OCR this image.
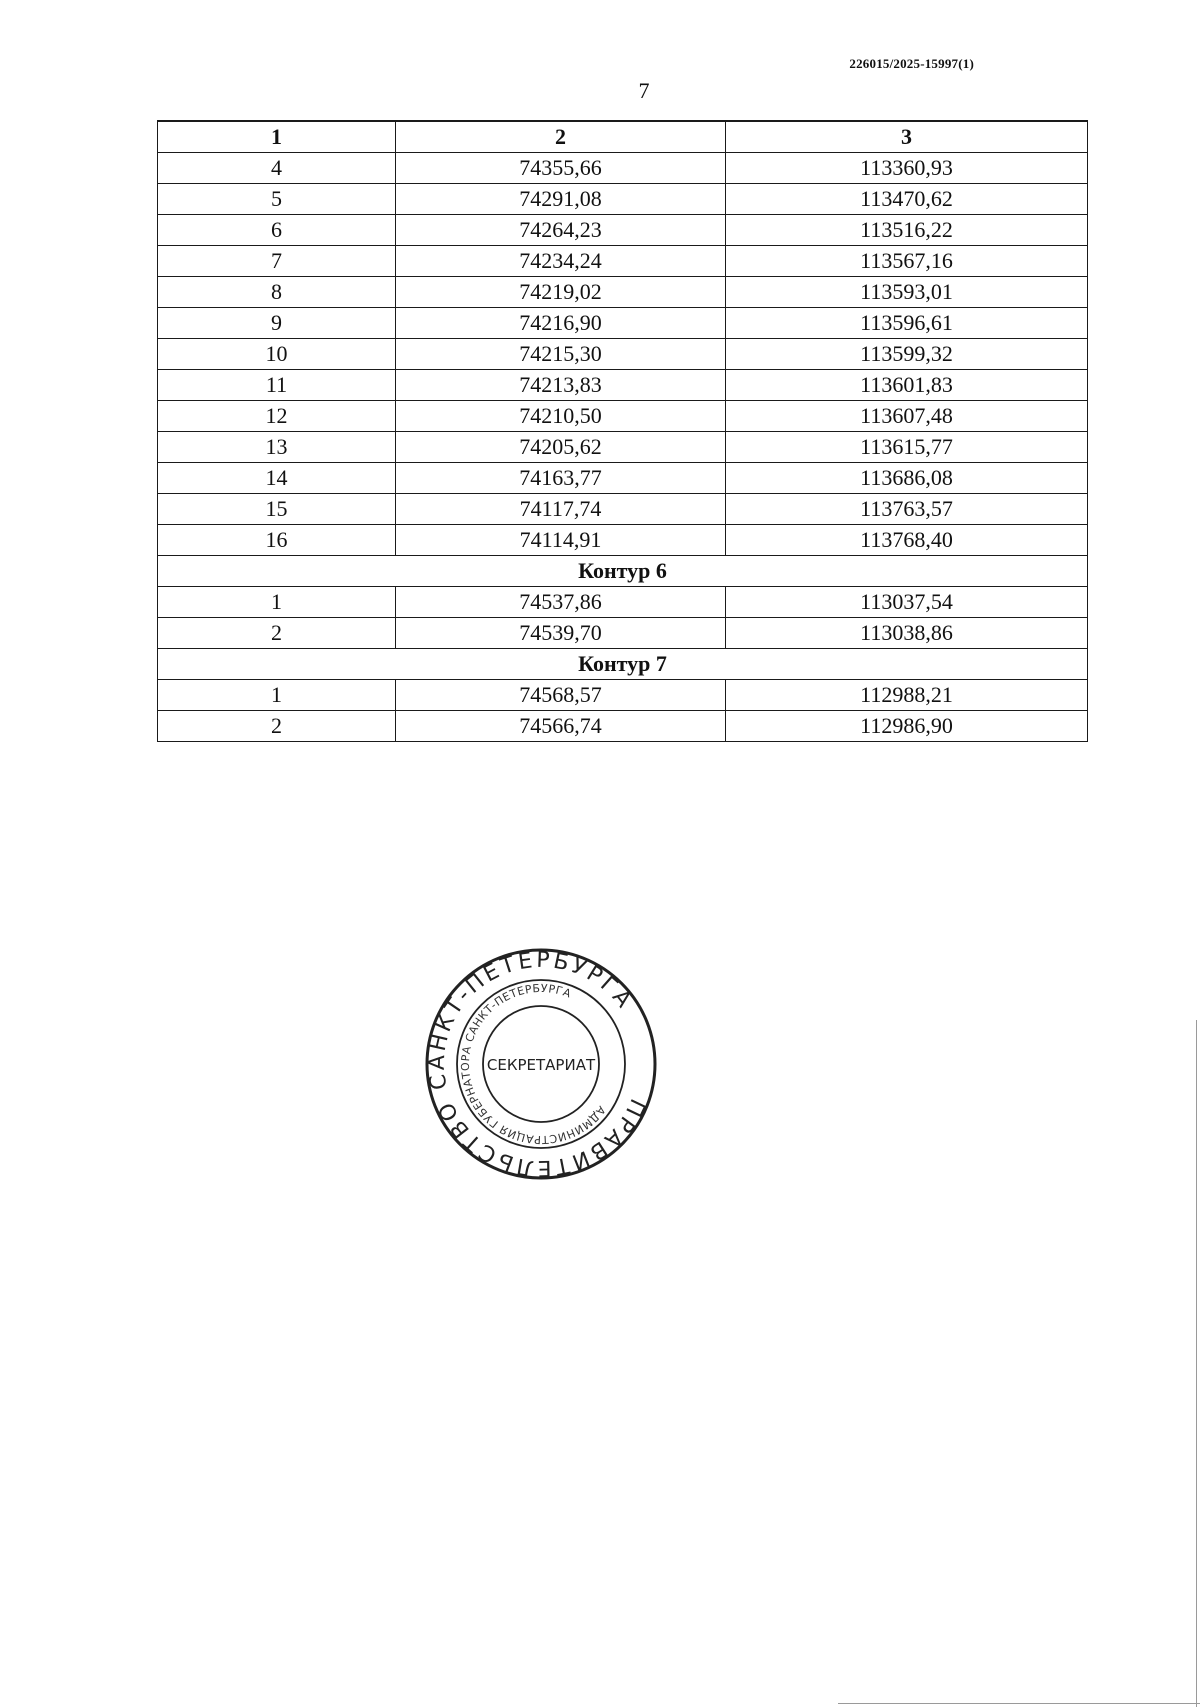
226015/2025-15997(1)
7
1	2	3
4	74355,66	113360,93
5	74291,08	113470,62
6	74264,23	113516,22
7	74234,24	113567,16
8	74219,02	113593,01
9	74216,90	113596,61
10	74215,30	113599,32
11	74213,83	113601,83
12	74210,50	113607,48
13	74205,62	113615,77
14	74163,77	113686,08
15	74117,74	113763,57
16	74114,91	113768,40
Контур 6		
1	74537,86	113037,54
2	74539,70	113038,86
Контур 7		
1	74568,57	112988,21
2	74566,74	112986,90
ПРАВИТЕЛЬСТВО САНКТ-ПЕТЕРБУРГА
АДМИНИСТРАЦИЯ ГУБЕРНАТОРА САНКТ-ПЕТЕРБУРГА
СЕКРЕТАРИАТ
